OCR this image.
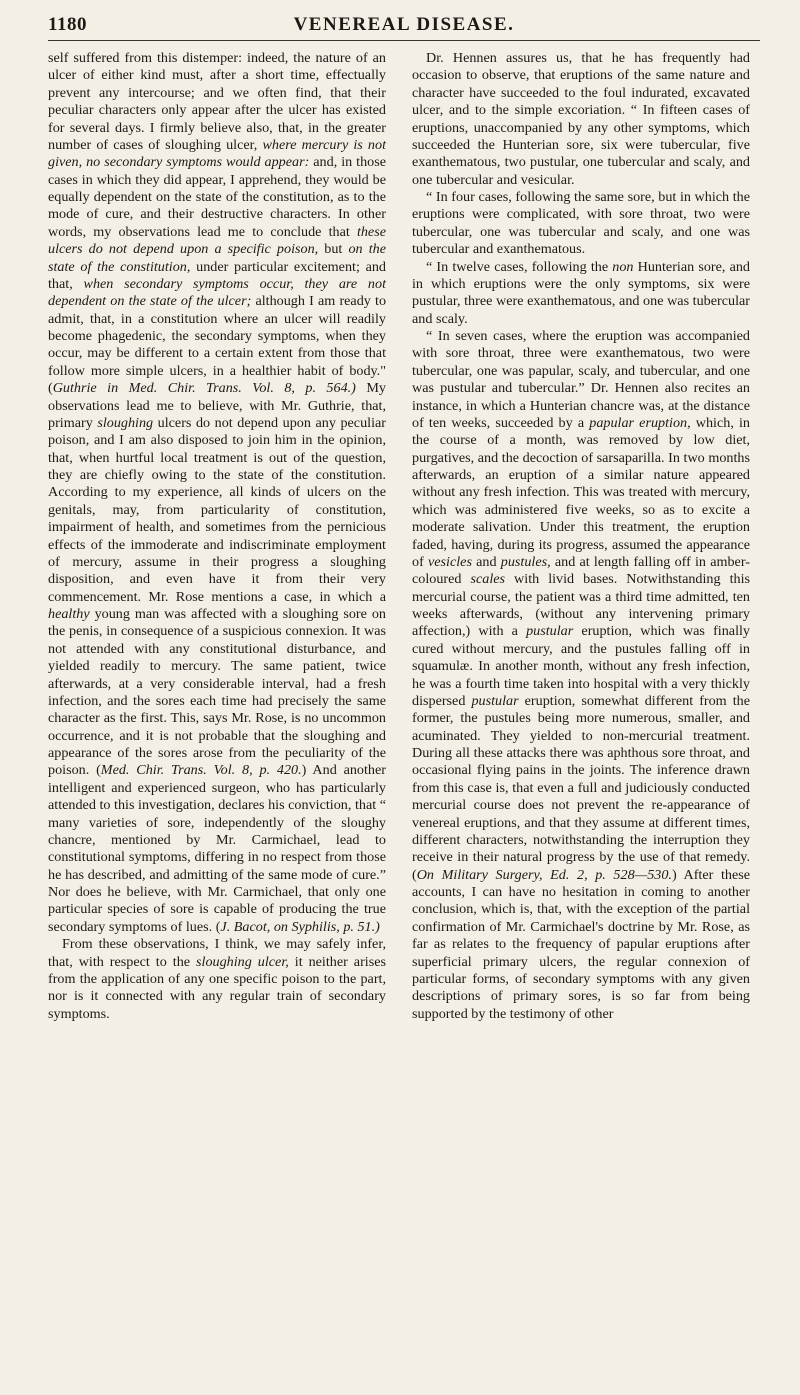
1180	VENEREAL DISEASE.

self suffered from this distemper: indeed, the nature of an ulcer of either kind must, after a short time, effectually prevent any intercourse; and we often find, that their peculiar characters only appear after the ulcer has existed for several days. I firmly believe also, that, in the greater number of cases of sloughing ulcer, where mercury is not given, no secondary symptoms would appear: and, in those cases in which they did appear, I apprehend, they would be equally dependent on the state of the constitution, as to the mode of cure, and their destructive characters. In other words, my observations lead me to conclude that these ulcers do not depend upon a specific poison, but on the state of the constitution, under particular excitement; and that, when secondary symptoms occur, they are not dependent on the state of the ulcer; although I am ready to admit, that, in a constitution where an ulcer will readily become phagedenic, the secondary symptoms, when they occur, may be different to a certain extent from those that follow more simple ulcers, in a healthier habit of body." (Guthrie in Med. Chir. Trans. Vol. 8, p. 564.) My observations lead me to believe, with Mr. Guthrie, that, primary sloughing ulcers do not depend upon any peculiar poison, and I am also disposed to join him in the opinion, that, when hurtful local treatment is out of the question, they are chiefly owing to the state of the constitution. According to my experience, all kinds of ulcers on the genitals, may, from particularity of constitution, impairment of health, and sometimes from the pernicious effects of the immoderate and indiscriminate employment of mercury, assume in their progress a sloughing disposition, and even have it from their very commencement. Mr. Rose mentions a case, in which a healthy young man was affected with a sloughing sore on the penis, in consequence of a suspicious connexion. It was not attended with any constitutional disturbance, and yielded readily to mercury. The same patient, twice afterwards, at a very considerable interval, had a fresh infection, and the sores each time had precisely the same character as the first. This, says Mr. Rose, is no uncommon occurrence, and it is not probable that the sloughing and appearance of the sores arose from the peculiarity of the poison. (Med. Chir. Trans. Vol. 8, p. 420.) And another intelligent and experienced surgeon, who has particularly attended to this investigation, declares his conviction, that “ many varieties of sore, independently of the sloughy chancre, mentioned by Mr. Carmichael, lead to constitutional symptoms, differing in no respect from those he has described, and admitting of the same mode of cure.” Nor does he believe, with Mr. Carmichael, that only one particular species of sore is capable of producing the true secondary symptoms of lues. (J. Bacot, on Syphilis, p. 51.)

From these observations, I think, we may safely infer, that, with respect to the sloughing ulcer, it neither arises from the application of any one specific poison to the part, nor is it connected with any regular train of secondary symptoms.

Dr. Hennen assures us, that he has frequently had occasion to observe, that eruptions of the same nature and character have succeeded to the foul indurated, excavated ulcer, and to the simple excoriation. “ In fifteen cases of eruptions, unaccompanied by any other symptoms, which succeeded the Hunterian sore, six were tubercular, five exanthematous, two pustular, one tubercular and scaly, and one tubercular and vesicular.

“ In four cases, following the same sore, but in which the eruptions were complicated, with sore throat, two were tubercular, one was tubercular and scaly, and one was tubercular and exanthematous.

“ In twelve cases, following the non Hunterian sore, and in which eruptions were the only symptoms, six were pustular, three were exanthematous, and one was tubercular and scaly.

“ In seven cases, where the eruption was accompanied with sore throat, three were exanthematous, two were tubercular, one was papular, scaly, and tubercular, and one was pustular and tubercular.” Dr. Hennen also recites an instance, in which a Hunterian chancre was, at the distance of ten weeks, succeeded by a papular eruption, which, in the course of a month, was removed by low diet, purgatives, and the decoction of sarsaparilla. In two months afterwards, an eruption of a similar nature appeared without any fresh infection. This was treated with mercury, which was administered five weeks, so as to excite a moderate salivation. Under this treatment, the eruption faded, having, during its progress, assumed the appearance of vesicles and pustules, and at length falling off in amber-coloured scales with livid bases. Notwithstanding this mercurial course, the patient was a third time admitted, ten weeks afterwards, (without any intervening primary affection,) with a pustular eruption, which was finally cured without mercury, and the pustules falling off in squamulæ. In another month, without any fresh infection, he was a fourth time taken into hospital with a very thickly dispersed pustular eruption, somewhat different from the former, the pustules being more numerous, smaller, and acuminated. They yielded to non-mercurial treatment. During all these attacks there was aphthous sore throat, and occasional flying pains in the joints. The inference drawn from this case is, that even a full and judiciously conducted mercurial course does not prevent the re-appearance of venereal eruptions, and that they assume at different times, different characters, notwithstanding the interruption they receive in their natural progress by the use of that remedy. (On Military Surgery, Ed. 2, p. 528—530.) After these accounts, I can have no hesitation in coming to another conclusion, which is, that, with the exception of the partial confirmation of Mr. Carmichael's doctrine by Mr. Rose, as far as relates to the frequency of papular eruptions after superficial primary ulcers, the regular connexion of particular forms, of secondary symptoms with any given descriptions of primary sores, is so far from being supported by the testimony of other
